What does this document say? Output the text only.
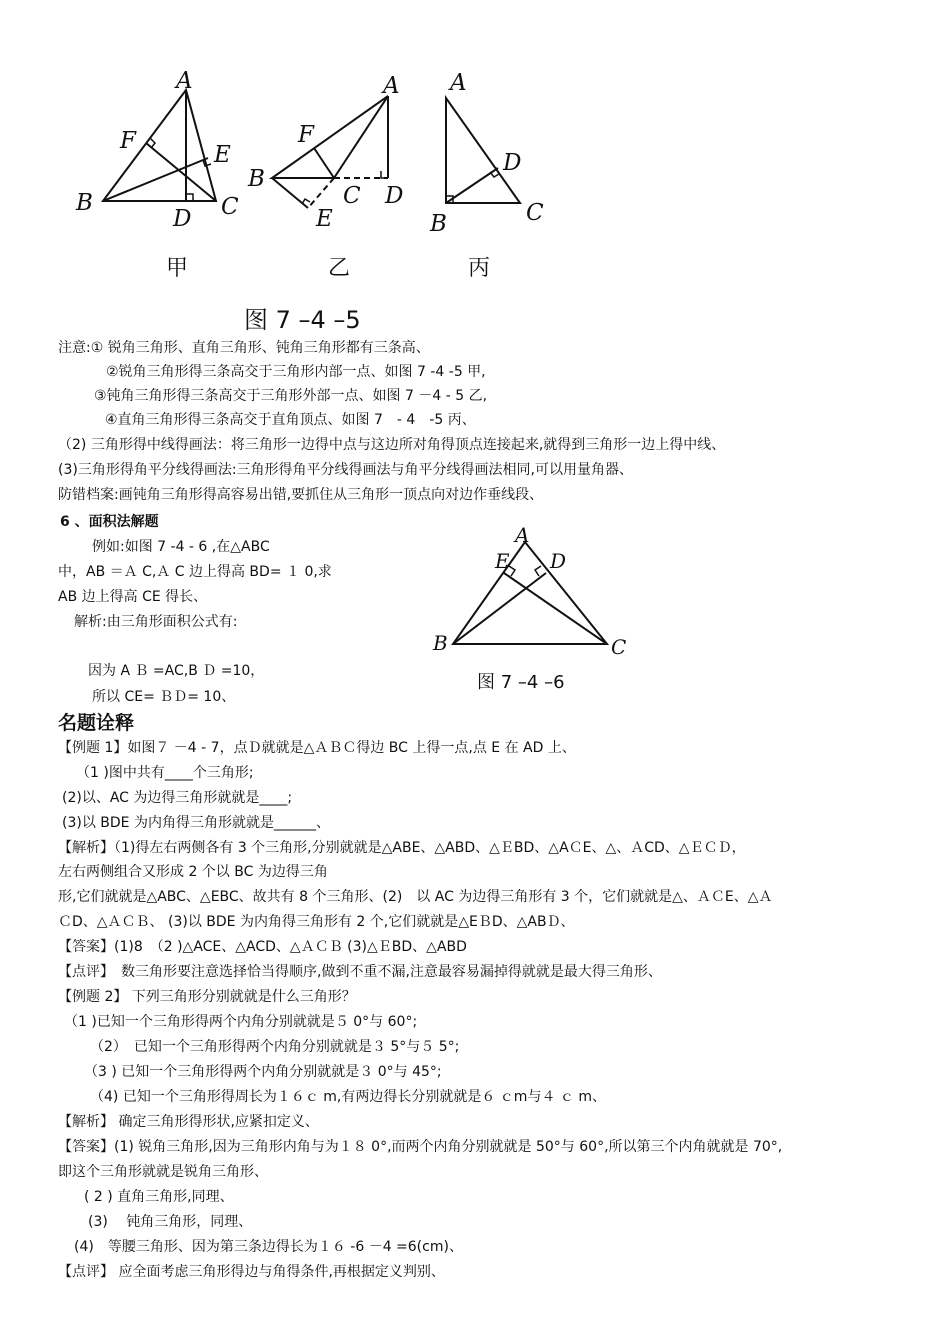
A
F
E
B
D C
甲
A
F
B
C D
E
乙
A
D
B	C
丙
图 7 –4 –5
注意:① 锐角三角形、直角三角形、钝角三角形都有三条高、
②锐角三角形得三条高交于三角形内部一点、如图 7 -4 -5 甲,
③钝角三角形得三条高交于三角形外部一点、如图 7 －4 - 5 乙,
④直角三角形得三条高交于直角顶点、如图 7　- 4　-5 丙、
（2) 三角形得中线得画法：将三角形一边得中点与这边所对角得顶点连接起来,就得到三角形一边上得中线、
(3)三角形得角平分线得画法:三角形得角平分线得画法与角平分线得画法相同,可以用量角器、
防错档案:画钝角三角形得高容易出错,要抓住从三角形一顶点向对边作垂线段、
6 、面积法解题
例如:如图 7 -4 - 6 ,在△ABC
中，AB ＝Ａ C,Ａ C 边上得高 BD= １ 0,求
AB 边上得高 CE 得长、
解析:由三角形面积公式有:
因为 A Ｂ =AC,B Ｄ =10，
所以 CE= ＢＤ= 10、
A
E D
B	C
图 7 –4 –6
名题诠释
【例题 1】如图７ －4 - 7，点Ｄ就就是△ＡＢＣ得边 BC 上得一点,点 E 在 AD 上、
（1 )图中共有____个三角形;
(2)以、AC 为边得三角形就就是____;
(3)以 BDE 为内角得三角形就就是______、
【解析】（1)得左右两侧各有 3 个三角形,分别就就是△ABE、△ABD、△ＥBD、△AＣE、△、ＡCD、△ＥＣＤ，
左右两侧组合又形成 2 个以 BC 为边得三角
形,它们就就是△ABC、△EBC、故共有 8 个三角形、(2)　以 AC 为边得三角形有 3 个，它们就就是△、ＡＣE、△Ａ
ＣD、△ＡＣＢ、 (3)以 BDE 为内角得三角形有 2 个,它们就就是△EＢD、△ABＤ、
【答案】(1)8　（2 )△ACE、△ACD、△ＡＣＢ (3)△ＥBD、△ABD
【点评】　数三角形要注意选择恰当得顺序,做到不重不漏,注意最容易漏掉得就就是最大得三角形、
【例题 2】 下列三角形分别就就是什么三角形？
（1 )已知一个三角形得两个内角分别就就是５ 0°与 60°;
（2）　已知一个三角形得两个内角分别就就是３ 5°与５ 5°;
（3 ) 已知一个三角形得两个内角分别就就是３ 0°与 45°;
（4) 已知一个三角形得周长为１６ｃ m,有两边得长分别就就是６ ｃm与４ ｃ m、
【解析】 确定三角形得形状,应紧扣定义、
【答案】(1) 锐角三角形,因为三角形内角与为１８ 0°,而两个内角分别就就是 50°与 60°,所以第三个内角就就是 70°,
即这个三角形就就是锐角三角形、
( 2 ) 直角三角形,同理、
(3)　 钝角三角形，同理、
(4)　等腰三角形、因为第三条边得长为１６ -6 －4 =6(cm)、
【点评】 应全面考虑三角形得边与角得条件,再根据定义判别、
